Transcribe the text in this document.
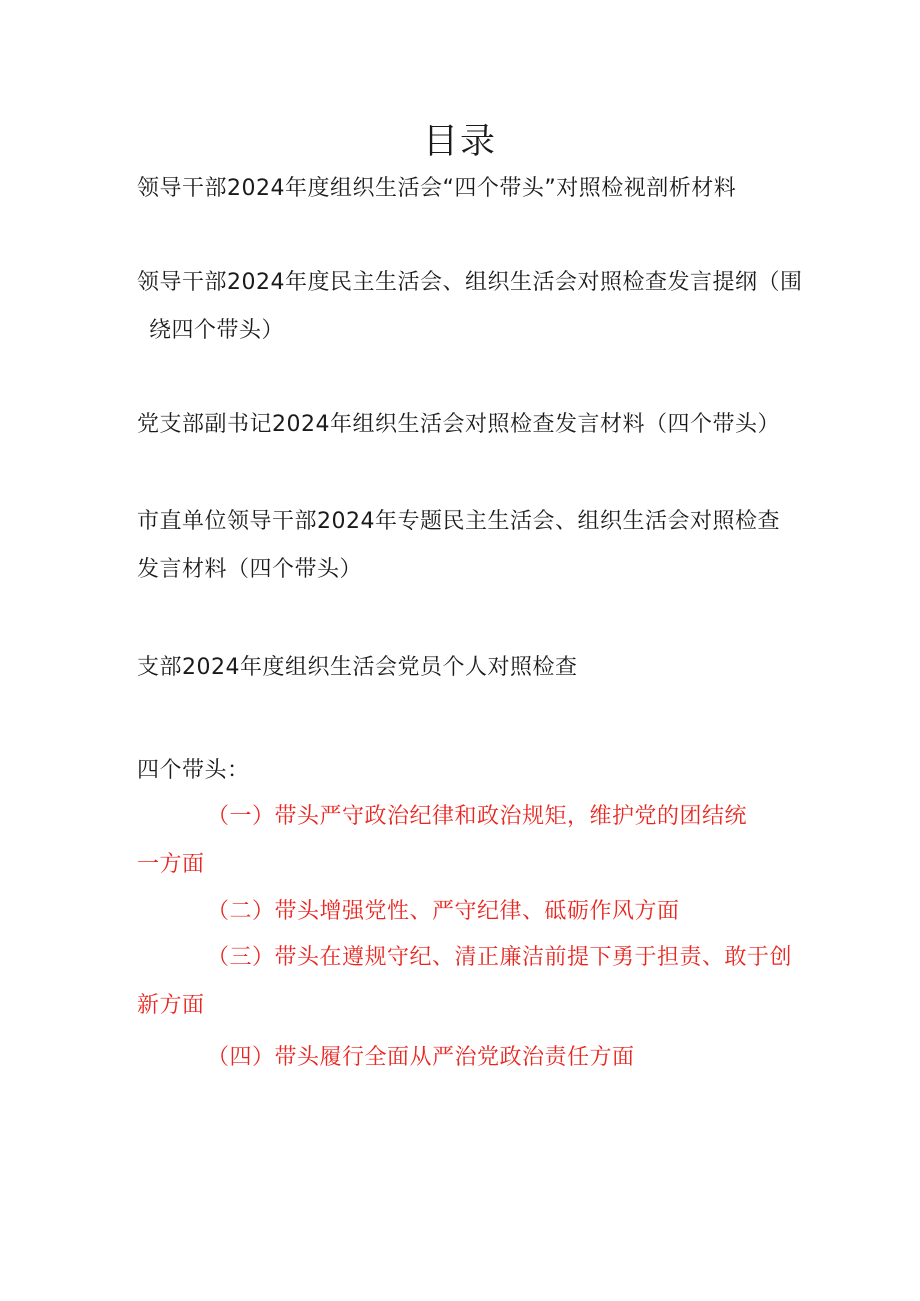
目录
领导干部2024年度组织生活会“四个带头”对照检视剖析材料
领导干部2024年度民主生活会、组织生活会对照检查发言提纲（围
绕四个带头）
党支部副书记2024年组织生活会对照检查发言材料（四个带头）
市直单位领导干部2024年专题民主生活会、组织生活会对照检查
发言材料（四个带头）
支部2024年度组织生活会党员个人对照检查
四个带头：
（一）带头严守政治纪律和政治规矩，维护党的团结统
一方面
（二）带头增强党性、严守纪律、砥砺作风方面
（三）带头在遵规守纪、清正廉洁前提下勇于担责、敢于创
新方面
（四）带头履行全面从严治党政治责任方面
